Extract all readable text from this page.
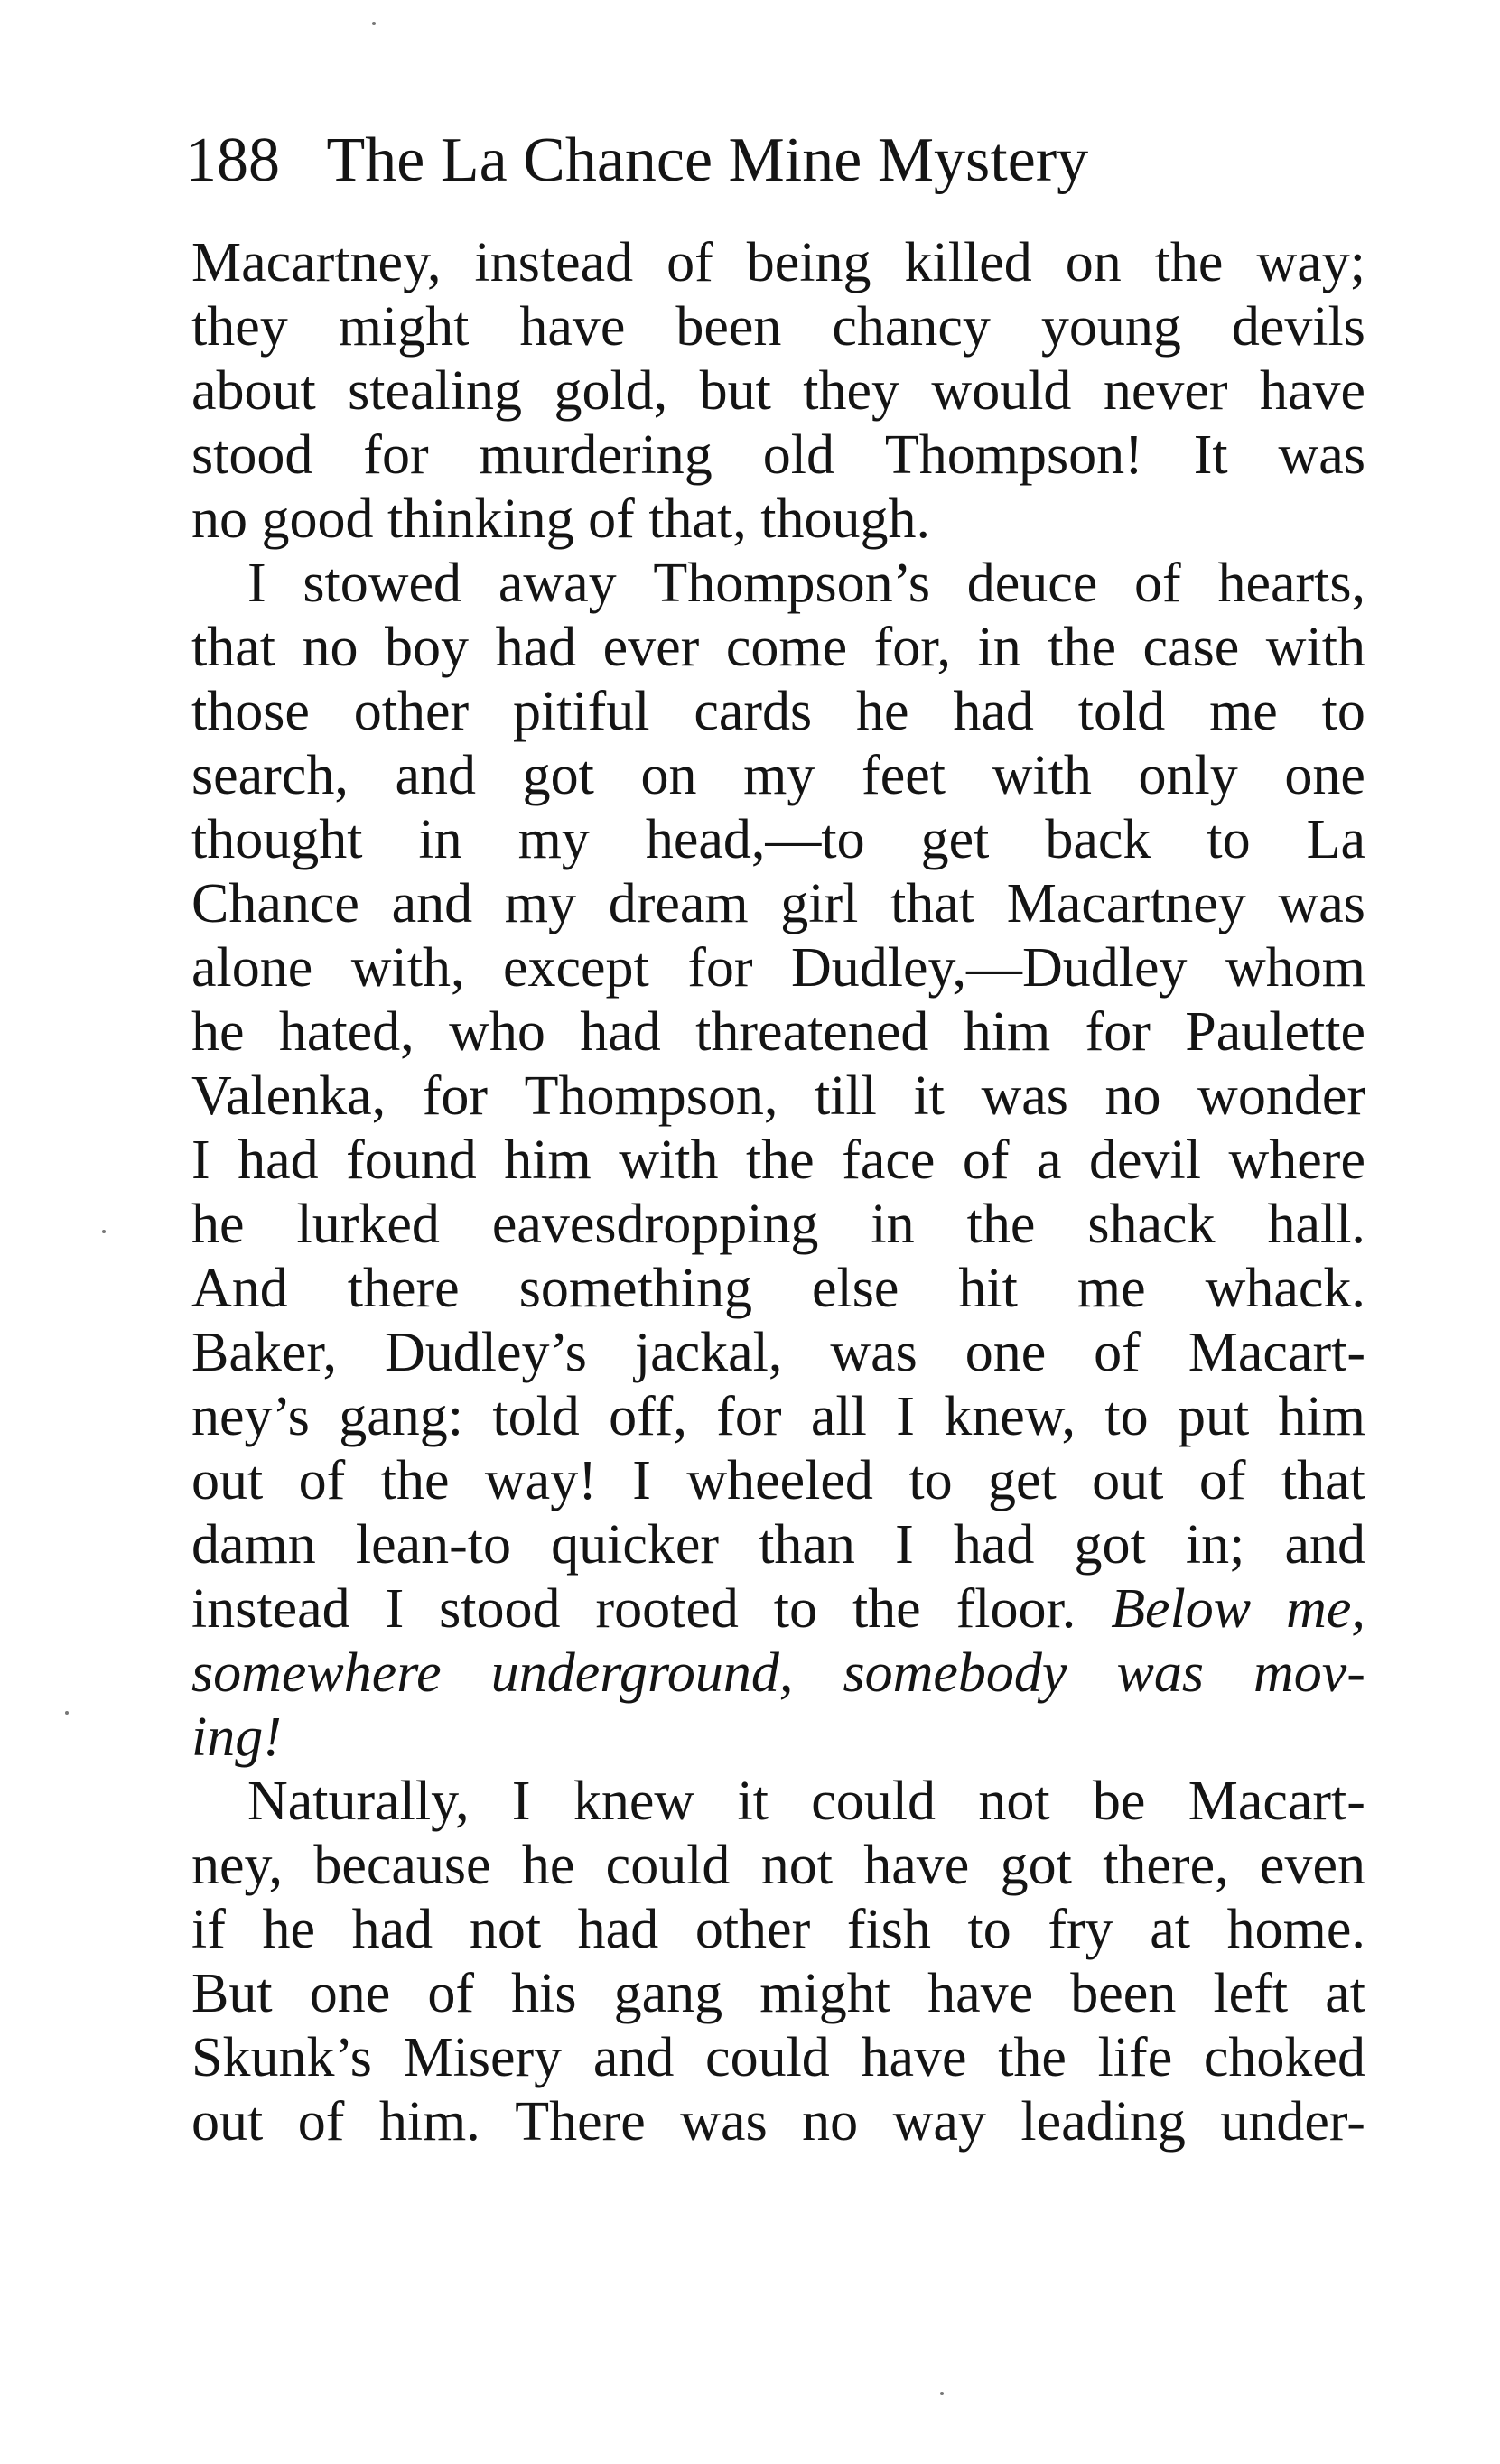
188 The La Chance Mine Mystery
Macartney, instead of being killed on the way;
they might have been chancy young devils
about stealing gold, but they would never have
stood for murdering old Thompson! It was
no good thinking of that, though.
I stowed away Thompson’s deuce of hearts,
that no boy had ever come for, in the case with
those other pitiful cards he had told me to
search, and got on my feet with only one
thought in my head,—to get back to La
Chance and my dream girl that Macartney was
alone with, except for Dudley,—Dudley whom
he hated, who had threatened him for Paulette
Valenka, for Thompson, till it was no wonder
I had found him with the face of a devil where
he lurked eavesdropping in the shack hall.
And there something else hit me whack.
Baker, Dudley’s jackal, was one of Macart-
ney’s gang: told off, for all I knew, to put him
out of the way! I wheeled to get out of that
damn lean-to quicker than I had got in; and
instead I stood rooted to the floor. Below me,
somewhere underground, somebody was mov-
ing!
Naturally, I knew it could not be Macart-
ney, because he could not have got there, even
if he had not had other fish to fry at home.
But one of his gang might have been left at
Skunk’s Misery and could have the life choked
out of him. There was no way leading under-
